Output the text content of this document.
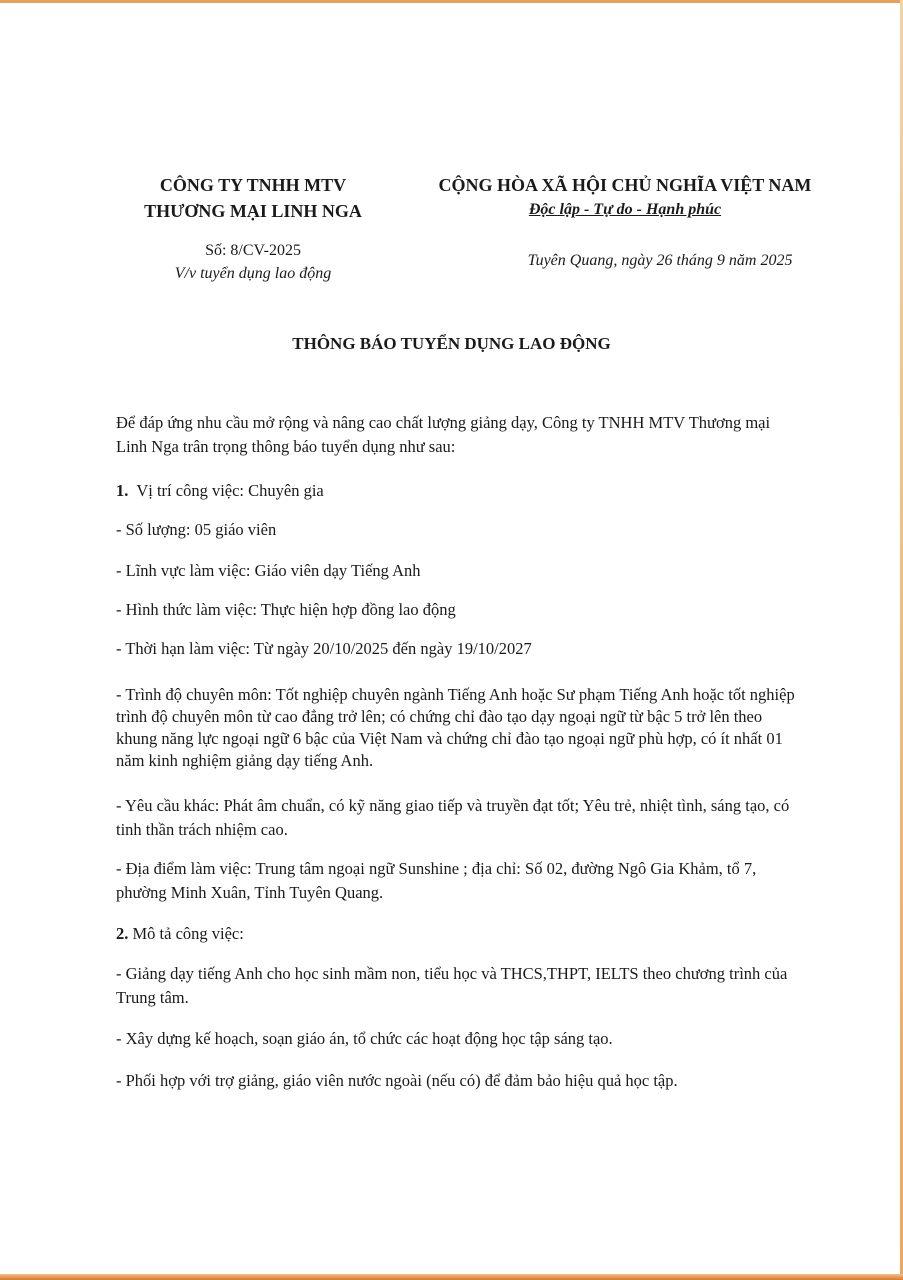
CÔNG TY TNHH MTV

THƯƠNG MẠI LINH NGA

CỘNG HÒA XÃ HỘI CHỦ NGHĨA VIỆT NAM

Độc lập - Tự do - Hạnh phúc

Số: 8/CV-2025
V/v tuyển dụng lao động
Tuyên Quang, ngày 26 tháng 9 năm 2025
THÔNG BÁO TUYỂN DỤNG LAO ĐỘNG

Để đáp ứng nhu cầu mở rộng và nâng cao chất lượng giảng dạy, Công ty TNHH MTV Thương mại Linh Nga trân trọng thông báo tuyển dụng như sau:

1. Vị trí công việc: Chuyên gia

- Số lượng: 05 giáo viên

- Lĩnh vực làm việc: Giáo viên dạy Tiếng Anh

- Hình thức làm việc: Thực hiện hợp đồng lao động

- Thời hạn làm việc: Từ ngày 20/10/2025 đến ngày 19/10/2027

- Trình độ chuyên môn: Tốt nghiệp chuyên ngành Tiếng Anh hoặc Sư phạm Tiếng Anh hoặc tốt nghiệp trình độ chuyên môn từ cao đẳng trở lên; có chứng chỉ đào tạo dạy ngoại ngữ từ bậc 5 trở lên theo khung năng lực ngoại ngữ 6 bậc của Việt Nam và chứng chỉ đào tạo ngoại ngữ phù hợp, có ít nhất 01 năm kinh nghiệm giảng dạy tiếng Anh.

- Yêu cầu khác: Phát âm chuẩn, có kỹ năng giao tiếp và truyền đạt tốt; Yêu trẻ, nhiệt tình, sáng tạo, có tinh thần trách nhiệm cao.

- Địa điểm làm việc: Trung tâm ngoại ngữ Sunshine ; địa chỉ: Số 02, đường Ngô Gia Khảm, tổ 7, phường Minh Xuân, Tỉnh Tuyên Quang.

2. Mô tả công việc:

- Giảng dạy tiếng Anh cho học sinh mầm non, tiểu học và THCS,THPT, IELTS theo chương trình của Trung tâm.

- Xây dựng kế hoạch, soạn giáo án, tổ chức các hoạt động học tập sáng tạo.

- Phối hợp với trợ giảng, giáo viên nước ngoài (nếu có) để đảm bảo hiệu quả học tập.
